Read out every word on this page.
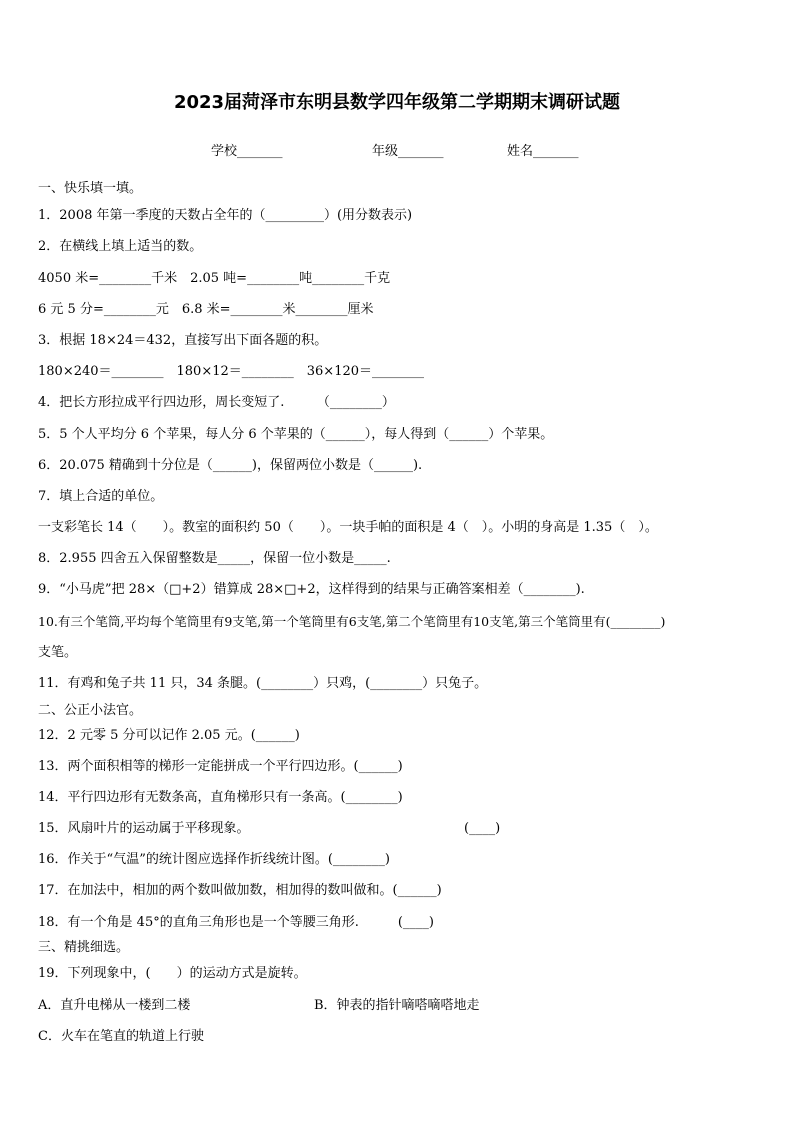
2023届菏泽市东明县数学四年级第二学期期末调研试题
学校_______	年级_______	姓名_______
一、快乐填一填。
1．2008 年第一季度的天数占全年的（_________）(用分数表示)
2．在横线上填上适当的数。
4050 米=________千米　2.05 吨=________吨________千克
6 元 5 分=________元　6.8 米=________米________厘米
3．根据 18×24＝432，直接写出下面各题的积。
180×240＝________　180×12＝________　36×120＝________
4．把长方形拉成平行四边形，周长变短了.　　　（________）
5．5 个人平均分 6 个苹果，每人分 6 个苹果的（______），每人得到（______）个苹果。
6．20.075 精确到十分位是（______)，保留两位小数是（______).
7．填上合适的单位。
一支彩笔长 14（　　）。教室的面积约 50（　　）。一块手帕的面积是 4（　）。小明的身高是 1.35（　）。
8．2.955 四舍五入保留整数是_____，保留一位小数是_____.
9．“小马虎”把 28×（□+2）错算成 28×□+2，这样得到的结果与正确答案相差（________).
10.有三个笔筒,平均每个笔筒里有9支笔,第一个笔筒里有6支笔,第二个笔筒里有10支笔,第三个笔筒里有(________)
支笔。
11．有鸡和兔子共 11 只，34 条腿。(________）只鸡，(________）只兔子。
二、公正小法官。
12．2 元零 5 分可以记作 2.05 元。(______)
13．两个面积相等的梯形一定能拼成一个平行四边形。(______)
14．平行四边形有无数条高，直角梯形只有一条高。(________)
15．风扇叶片的运动属于平移现象。　　　　　　　　　　　　　　　　　(____)
16．作关于“气温”的统计图应选择作折线统计图。(________)
17．在加法中，相加的两个数叫做加数，相加得的数叫做和。(______)
18．有一个角是 45°的直角三角形也是一个等腰三角形.　　　(____)
三、精挑细选。
19．下列现象中，(　　）的运动方式是旋转。
A．直升电梯从一楼到二楼	B．钟表的指针嘀嗒嘀嗒地走
C．火车在笔直的轨道上行驶
